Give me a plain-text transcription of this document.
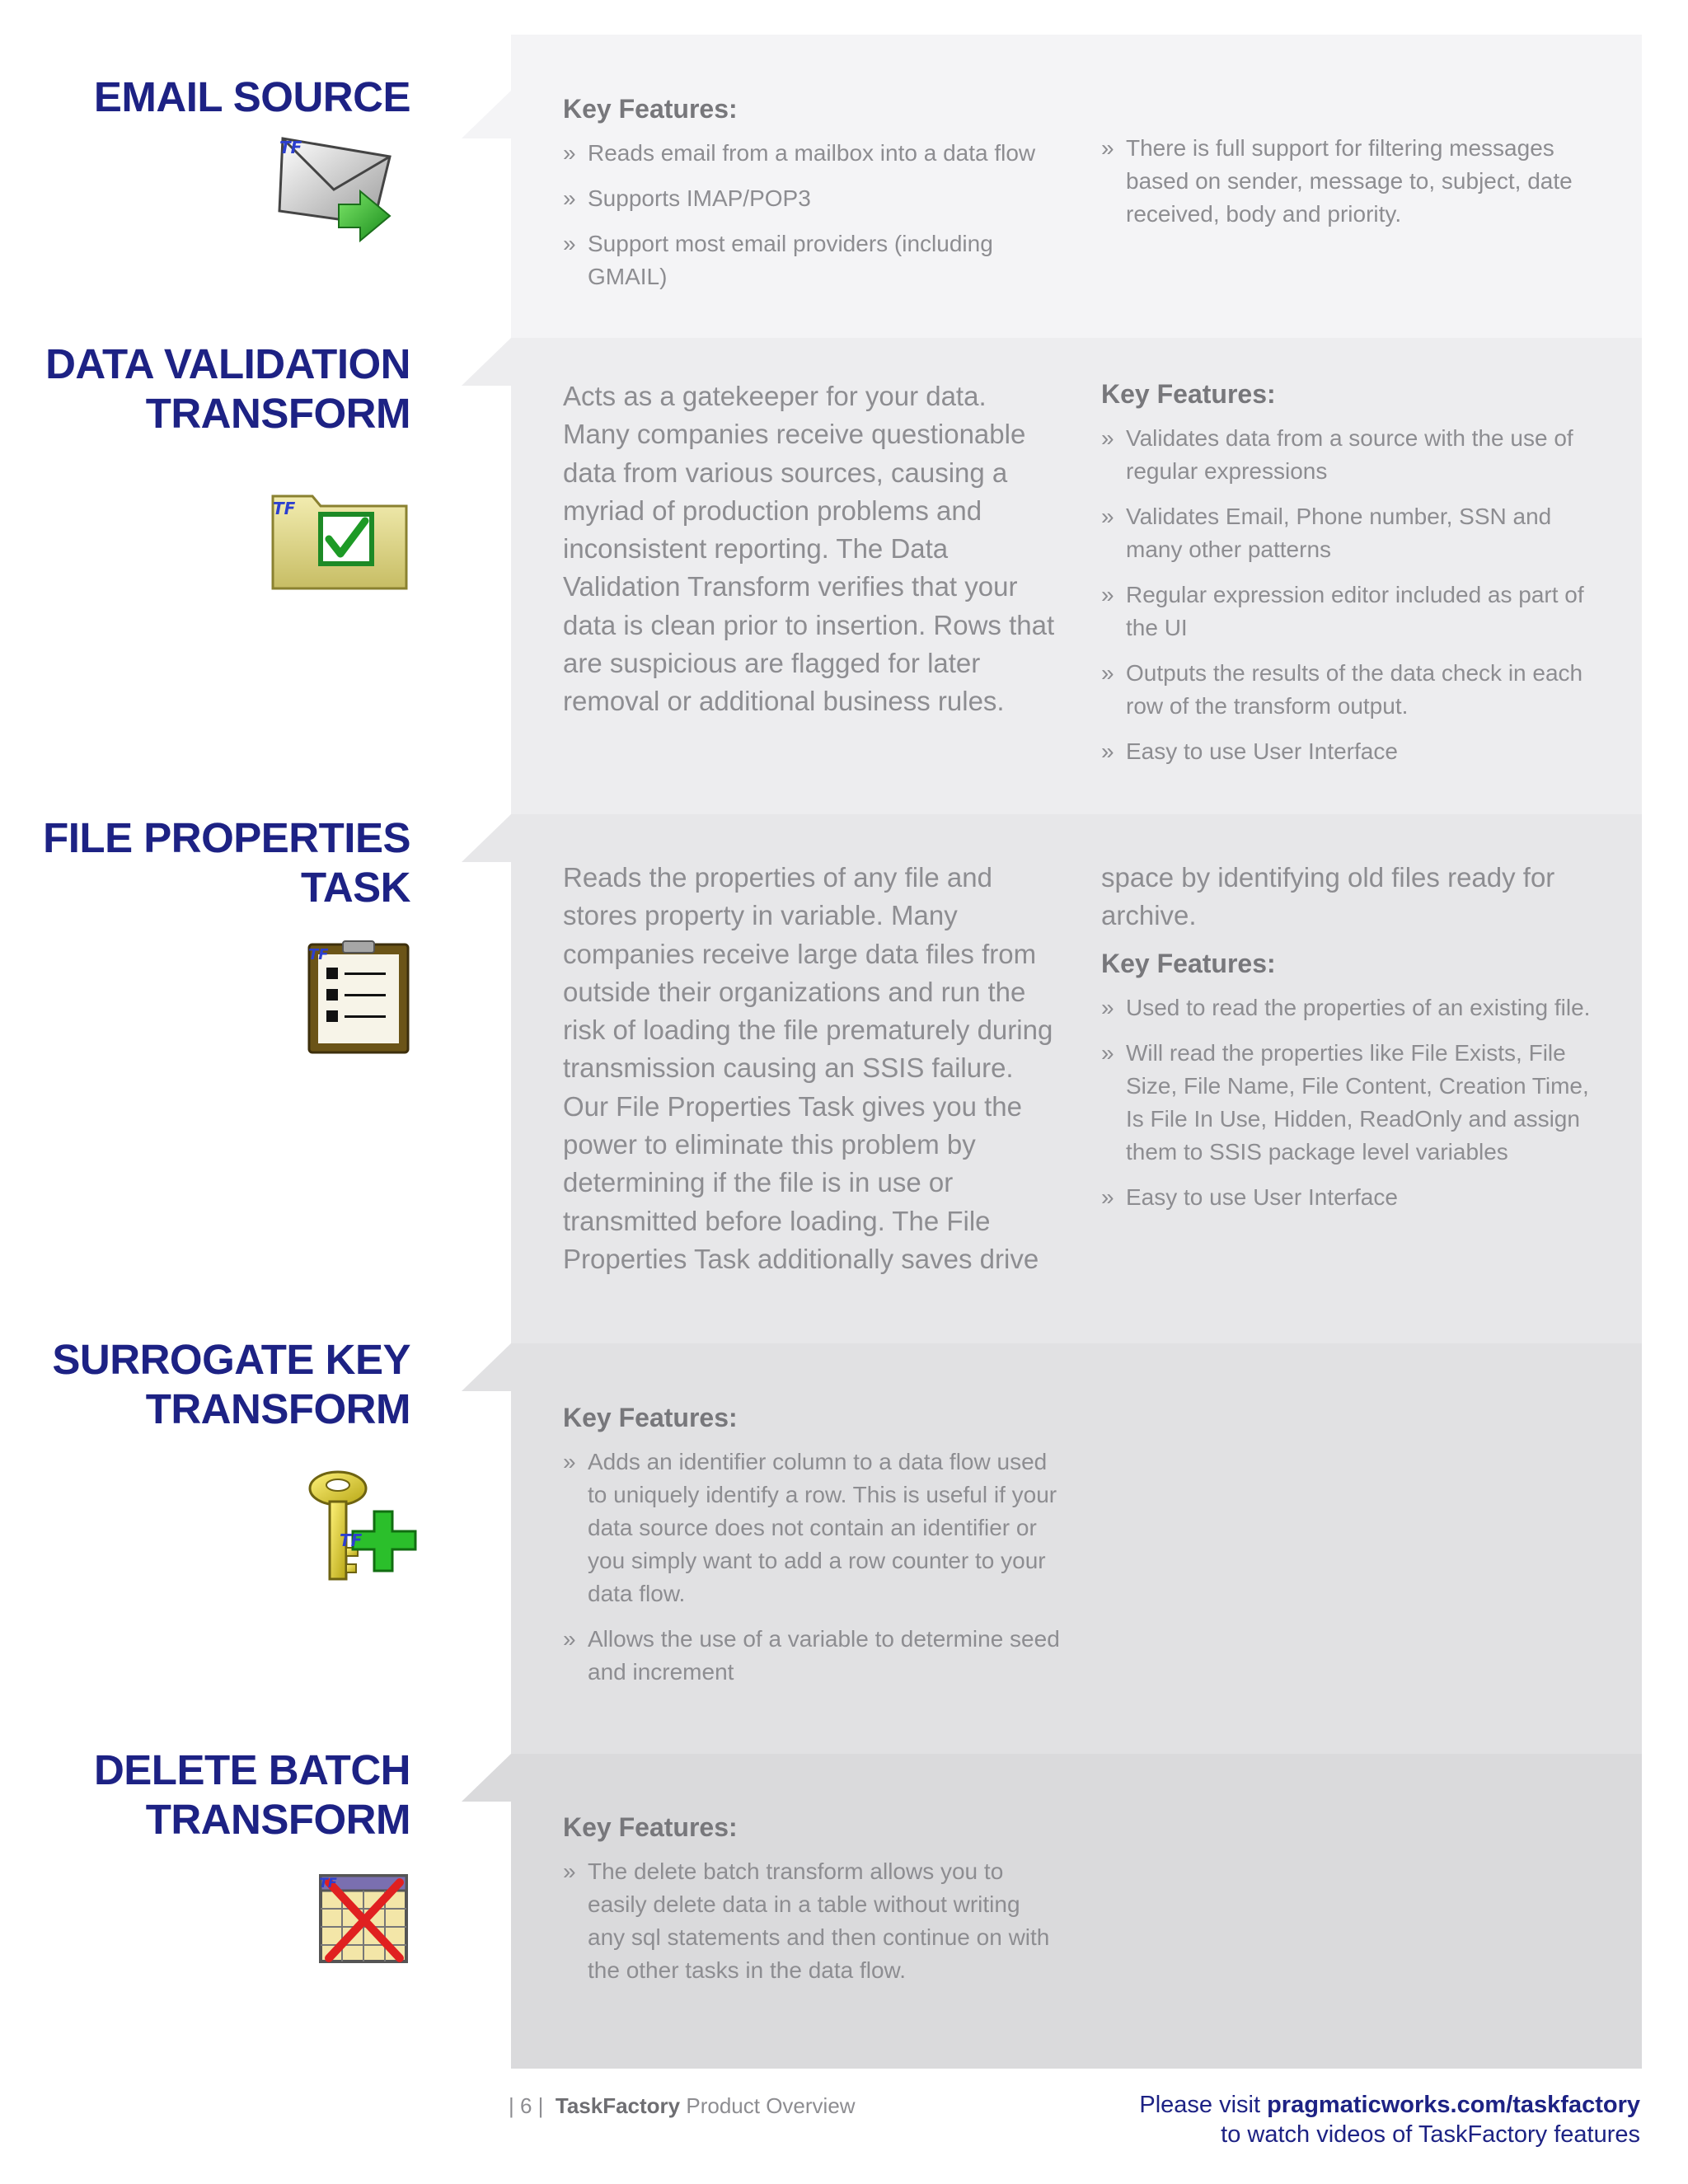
EMAIL SOURCE
TF
Key Features:
» Reads email from a mailbox into a data flow
» Supports IMAP/POP3
» Support most email providers (including GMAIL)
» There is full support for filtering messages based on sender, message to, subject, date received, body and priority.
DATA VALIDATION
TRANSFORM
TF

Acts as a gatekeeper for your data. Many companies receive questionable data from various sources, causing a myriad of production problems and inconsistent reporting. The Data Validation Transform verifies that your data is clean prior to insertion. Rows that are suspicious are flagged for later removal or additional business rules.

Key Features:
» Validates data from a source with the use of regular expressions
» Validates Email, Phone number, SSN and many other patterns
» Regular expression editor included as part of the UI
» Outputs the results of the data check in each row of the transform output.
» Easy to use User Interface
FILE PROPERTIES
TASK
TF

Reads the properties of any file and stores property in variable. Many companies receive large data files from outside their organizations and run the risk of loading the file prematurely during transmission causing an SSIS failure. Our File Properties Task gives you the power to eliminate this problem by determining if the file is in use or transmitted before loading. The File Properties Task additionally saves drive

space by identifying old files ready for archive.

Key Features:
» Used to read the properties of an existing file.
» Will read the properties like File Exists, File Size, File Name, File Content, Creation Time, Is File In Use, Hidden, ReadOnly and assign them to SSIS package level variables
» Easy to use User Interface
SURROGATE KEY
TRANSFORM
TF
Key Features:
» Adds an identifier column to a data flow used to uniquely identify a row. This is useful if your data source does not contain an identifier or you simply want to add a row counter to your data flow.
» Allows the use of a variable to determine seed and increment
DELETE BATCH
TRANSFORM
TF
Key Features:
» The delete batch transform allows you to easily delete data in a table without writing any sql statements and then continue on with the other tasks in the data flow.
| 6 | TaskFactory Product Overview	Please visit pragmaticworks.com/taskfactory
to watch videos of TaskFactory features
